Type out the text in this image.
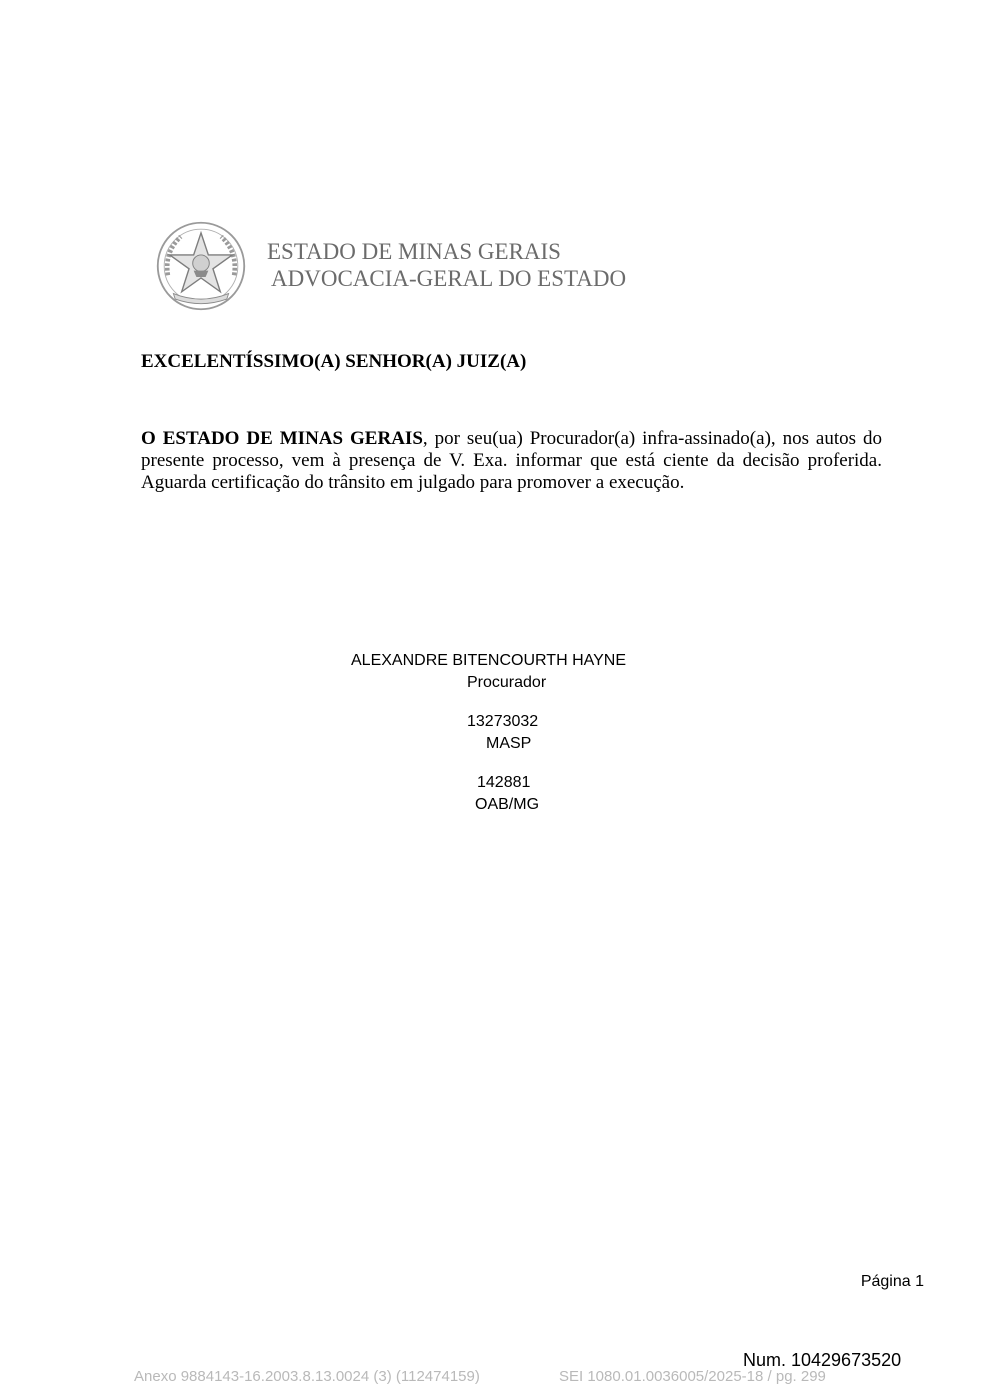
ESTADO DE MINAS GERAIS
ADVOCACIA-GERAL DO ESTADO
EXCELENTÍSSIMO(A) SENHOR(A) JUIZ(A)
O ESTADO DE MINAS GERAIS, por seu(ua) Procurador(a) infra-assinado(a), nos autos do presente processo, vem à presença de V. Exa. informar que está ciente da decisão proferida. Aguarda certificação do trânsito em julgado para promover a execução.
ALEXANDRE BITENCOURTH HAYNE
Procurador
13273032
MASP
142881
OAB/MG
Página 1
Num. 10429673520
Anexo 9884143-16.2003.8.13.0024 (3) (112474159)	SEI 1080.01.0036005/2025-18 / pg. 299
